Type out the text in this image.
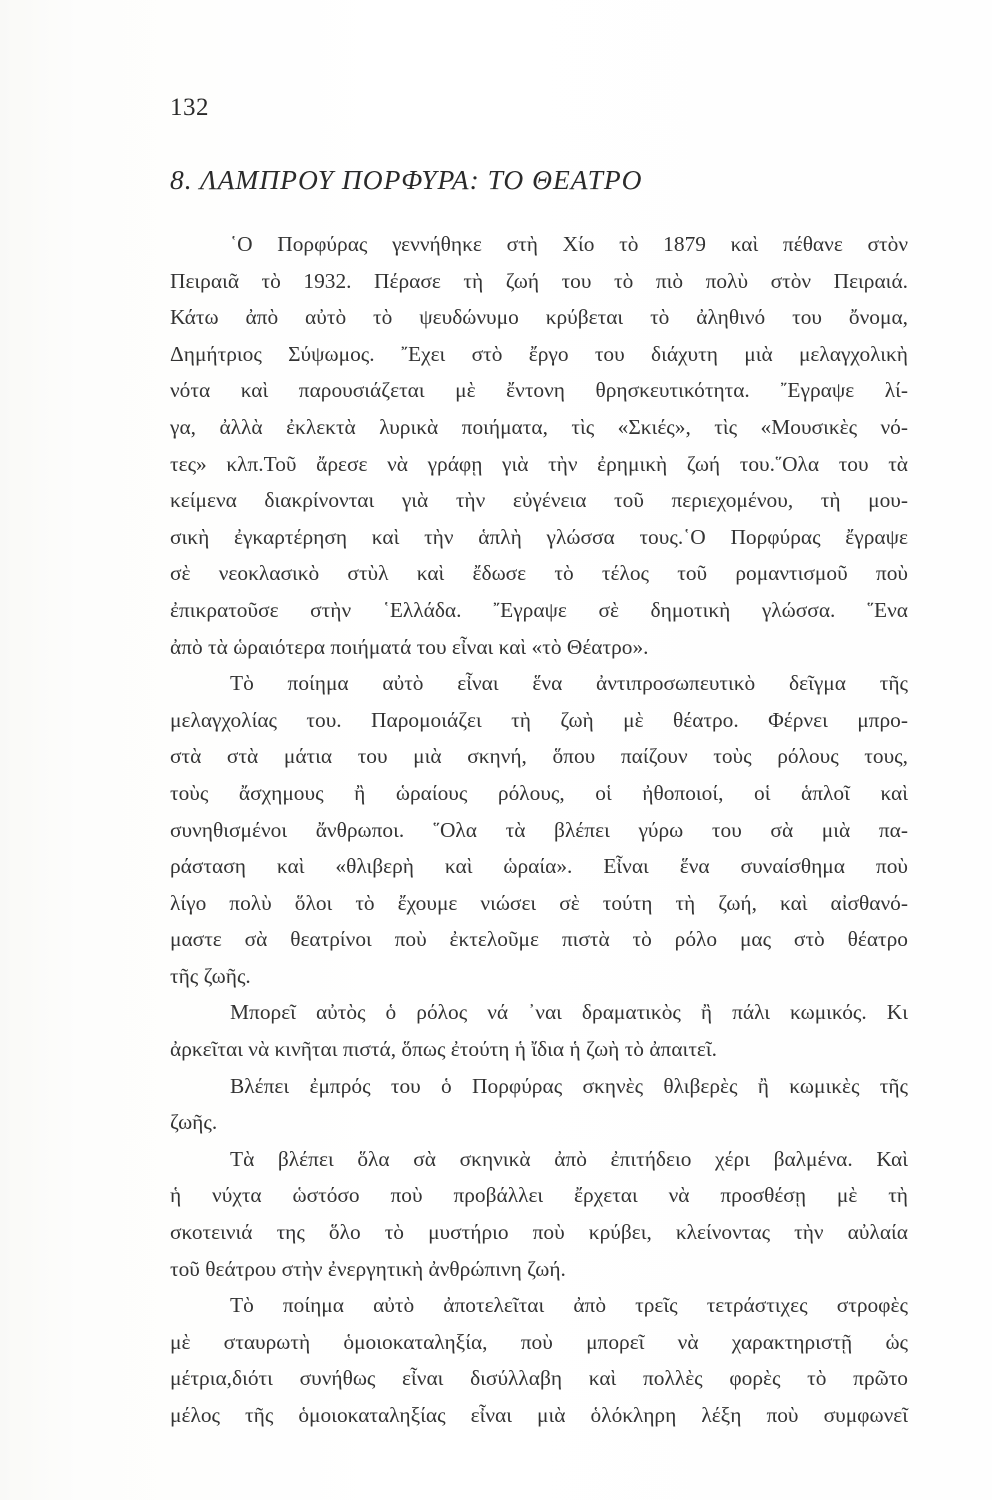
132
8. ΛΑΜΠΡΟΥ ΠΟΡΦΥΡΑ: ΤΟ ΘΕΑΤΡΟ
῾Ο Πορφύρας γεννήθηκε στὴ Χίο τὸ 1879 καὶ πέθανε στὸν
Πειραιᾶ τὸ 1932. Πέρασε τὴ ζωή του τὸ πιὸ πολὺ στὸν Πειραιά.
Κάτω ἀπὸ αὐτὸ τὸ ψευδώνυμο κρύβεται τὸ ἀληθινό του ὄνομα,
Δημήτριος Σύψωμος. ῎Εχει στὸ ἔργο του διάχυτη μιὰ μελαγχολικὴ
νότα καὶ παρουσιάζεται μὲ ἔντονη θρησκευτικότητα. ῎Εγραψε λί-
γα, ἀλλὰ ἐκλεκτὰ λυρικὰ ποιήματα, τὶς «Σκιές», τὶς «Μουσικὲς νό-
τες» κλπ.Τοῦ ἄρεσε νὰ γράφῃ γιὰ τὴν ἐρημικὴ ζωή του.῞Ολα του τὰ
κείμενα διακρίνονται γιὰ τὴν εὐγένεια τοῦ περιεχομένου, τὴ μου-
σικὴ ἐγκαρτέρηση καὶ τὴν ἁπλὴ γλώσσα τους.῾Ο Πορφύρας ἔγραψε
σὲ νεοκλασικὸ στὺλ καὶ ἔδωσε τὸ τέλος τοῦ ρομαντισμοῦ ποὺ
ἐπικρατοῦσε στὴν ῾Ελλάδα. ῎Εγραψε σὲ δημοτικὴ γλώσσα. ῞Ενα
ἀπὸ τὰ ὡραιότερα ποιήματά του εἶναι καὶ «τὸ Θέατρο».
Τὸ ποίημα αὐτὸ εἶναι ἕνα ἀντιπροσωπευτικὸ δεῖγμα τῆς
μελαγχολίας του. Παρομοιάζει τὴ ζωὴ μὲ θέατρο. Φέρνει μπρο-
στὰ στὰ μάτια του μιὰ σκηνή, ὅπου παίζουν τοὺς ρόλους τους,
τοὺς ἄσχημους ἢ ὡραίους ρόλους, οἱ ἠθοποιοί, οἱ ἁπλοῖ καὶ
συνηθισμένοι ἄνθρωποι. ῞Ολα τὰ βλέπει γύρω του σὰ μιὰ πα-
ράσταση καὶ «θλιβερὴ καὶ ὡραία». Εἶναι ἕνα συναίσθημα ποὺ
λίγο πολὺ ὅλοι τὸ ἔχουμε νιώσει σὲ τούτη τὴ ζωή, καὶ αἰσθανό-
μαστε σὰ θεατρίνοι ποὺ ἐκτελοῦμε πιστὰ τὸ ρόλο μας στὸ θέατρο
τῆς ζωῆς.
Μπορεῖ αὐτὸς ὁ ρόλος νά ᾿ναι δραματικὸς ἢ πάλι κωμικός. Κι
ἀρκεῖται νὰ κινῆται πιστά, ὅπως ἐτούτη ἡ ἴδια ἡ ζωὴ τὸ ἀπαιτεῖ.
Βλέπει ἐμπρός του ὁ Πορφύρας σκηνὲς θλιβερὲς ἢ κωμικὲς τῆς
ζωῆς.
Τὰ βλέπει ὅλα σὰ σκηνικὰ ἀπὸ ἐπιτήδειο χέρι βαλμένα. Καὶ
ἡ νύχτα ὡστόσο ποὺ προβάλλει ἔρχεται νὰ προσθέσῃ μὲ τὴ
σκοτεινιά της ὅλο τὸ μυστήριο ποὺ κρύβει, κλείνοντας τὴν αὐλαία
τοῦ θεάτρου στὴν ἐνεργητικὴ ἀνθρώπινη ζωή.
Τὸ ποίημα αὐτὸ ἀποτελεῖται ἀπὸ τρεῖς τετράστιχες στροφὲς
μὲ σταυρωτὴ ὁμοιοκαταληξία, ποὺ μπορεῖ νὰ χαρακτηριστῇ ὡς
μέτρια,διότι συνήθως εἶναι δισύλλαβη καὶ πολλὲς φορὲς τὸ πρῶτο
μέλος τῆς ὁμοιοκαταληξίας εἶναι μιὰ ὁλόκληρη λέξη ποὺ συμφωνεῖ
